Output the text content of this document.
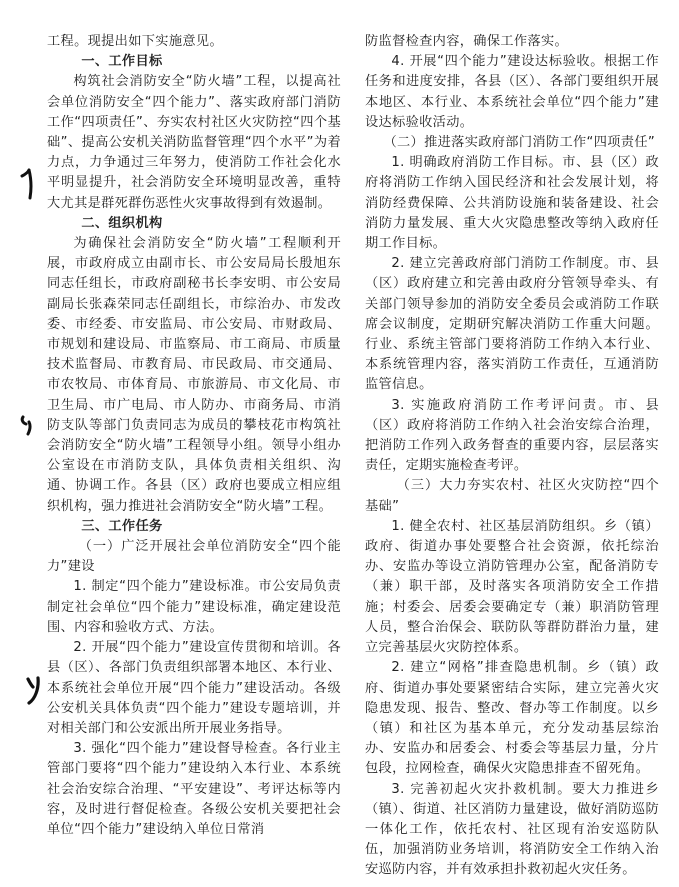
工程。现提出如下实施意见。

一、工作目标

构筑社会消防安全“防火墙”工程，以提高社会单位消防安全“四个能力”、落实政府部门消防工作“四项责任”、夯实农村社区火灾防控“四个基础”、提高公安机关消防监督管理“四个水平”为着力点，力争通过三年努力，使消防工作社会化水平明显提升，社会消防安全环境明显改善，重特大尤其是群死群伤恶性火灾事故得到有效遏制。

二、组织机构

为确保社会消防安全“防火墙”工程顺利开展，市政府成立由副市长、市公安局局长殷旭东同志任组长，市政府副秘书长李安明、市公安局副局长张森荣同志任副组长，市综治办、市发改委、市经委、市安监局、市公安局、市财政局、市规划和建设局、市监察局、市工商局、市质量技术监督局、市教育局、市民政局、市交通局、市农牧局、市体育局、市旅游局、市文化局、市卫生局、市广电局、市人防办、市商务局、市消防支队等部门负责同志为成员的攀枝花市构筑社会消防安全“防火墙”工程领导小组。领导小组办公室设在市消防支队，具体负责相关组织、沟通、协调工作。各县（区）政府也要成立相应组织机构，强力推进社会消防安全“防火墙”工程。

三、工作任务

（一）广泛开展社会单位消防安全“四个能力”建设

1. 制定“四个能力”建设标准。市公安局负责制定社会单位“四个能力”建设标准，确定建设范围、内容和验收方式、方法。

2. 开展“四个能力”建设宣传贯彻和培训。各县（区）、各部门负责组织部署本地区、本行业、本系统社会单位开展“四个能力”建设活动。各级公安机关具体负责“四个能力”建设专题培训，并对相关部门和公安派出所开展业务指导。

3. 强化“四个能力”建设督导检查。各行业主管部门要将“四个能力”建设纳入本行业、本系统社会治安综合治理、“平安建设”、考评达标等内容，及时进行督促检查。各级公安机关要把社会单位“四个能力”建设纳入单位日常消

防监督检查内容，确保工作落实。

4. 开展“四个能力”建设达标验收。根据工作任务和进度安排，各县（区）、各部门要组织开展本地区、本行业、本系统社会单位“四个能力”建设达标验收活动。

（二）推进落实政府部门消防工作“四项责任”

1. 明确政府消防工作目标。市、县（区）政府将消防工作纳入国民经济和社会发展计划，将消防经费保障、公共消防设施和装备建设、社会消防力量发展、重大火灾隐患整改等纳入政府任期工作目标。

2. 建立完善政府部门消防工作制度。市、县（区）政府建立和完善由政府分管领导牵头、有关部门领导参加的消防安全委员会或消防工作联席会议制度，定期研究解决消防工作重大问题。行业、系统主管部门要将消防工作纳入本行业、本系统管理内容，落实消防工作责任，互通消防监管信息。

3. 实施政府消防工作考评问责。市、县（区）政府将消防工作纳入社会治安综合治理，把消防工作列入政务督查的重要内容，层层落实责任，定期实施检查考评。

（三）大力夯实农村、社区火灾防控“四个基础”

1. 健全农村、社区基层消防组织。乡（镇）政府、街道办事处要整合社会资源，依托综治办、安监办等设立消防管理办公室，配备消防专（兼）职干部，及时落实各项消防安全工作措施；村委会、居委会要确定专（兼）职消防管理人员，整合治保会、联防队等群防群治力量，建立完善基层火灾防控体系。

2. 建立“网格”排查隐患机制。乡（镇）政府、街道办事处要紧密结合实际，建立完善火灾隐患发现、报告、整改、督办等工作制度。以乡（镇）和社区为基本单元，充分发动基层综治办、安监办和居委会、村委会等基层力量，分片包段，拉网检查，确保火灾隐患排查不留死角。

3. 完善初起火灾扑救机制。要大力推进乡（镇）、街道、社区消防力量建设，做好消防巡防一体化工作，依托农村、社区现有治安巡防队伍，加强消防业务培训，将消防安全工作纳入治安巡防内容，并有效承担扑救初起火灾任务。
